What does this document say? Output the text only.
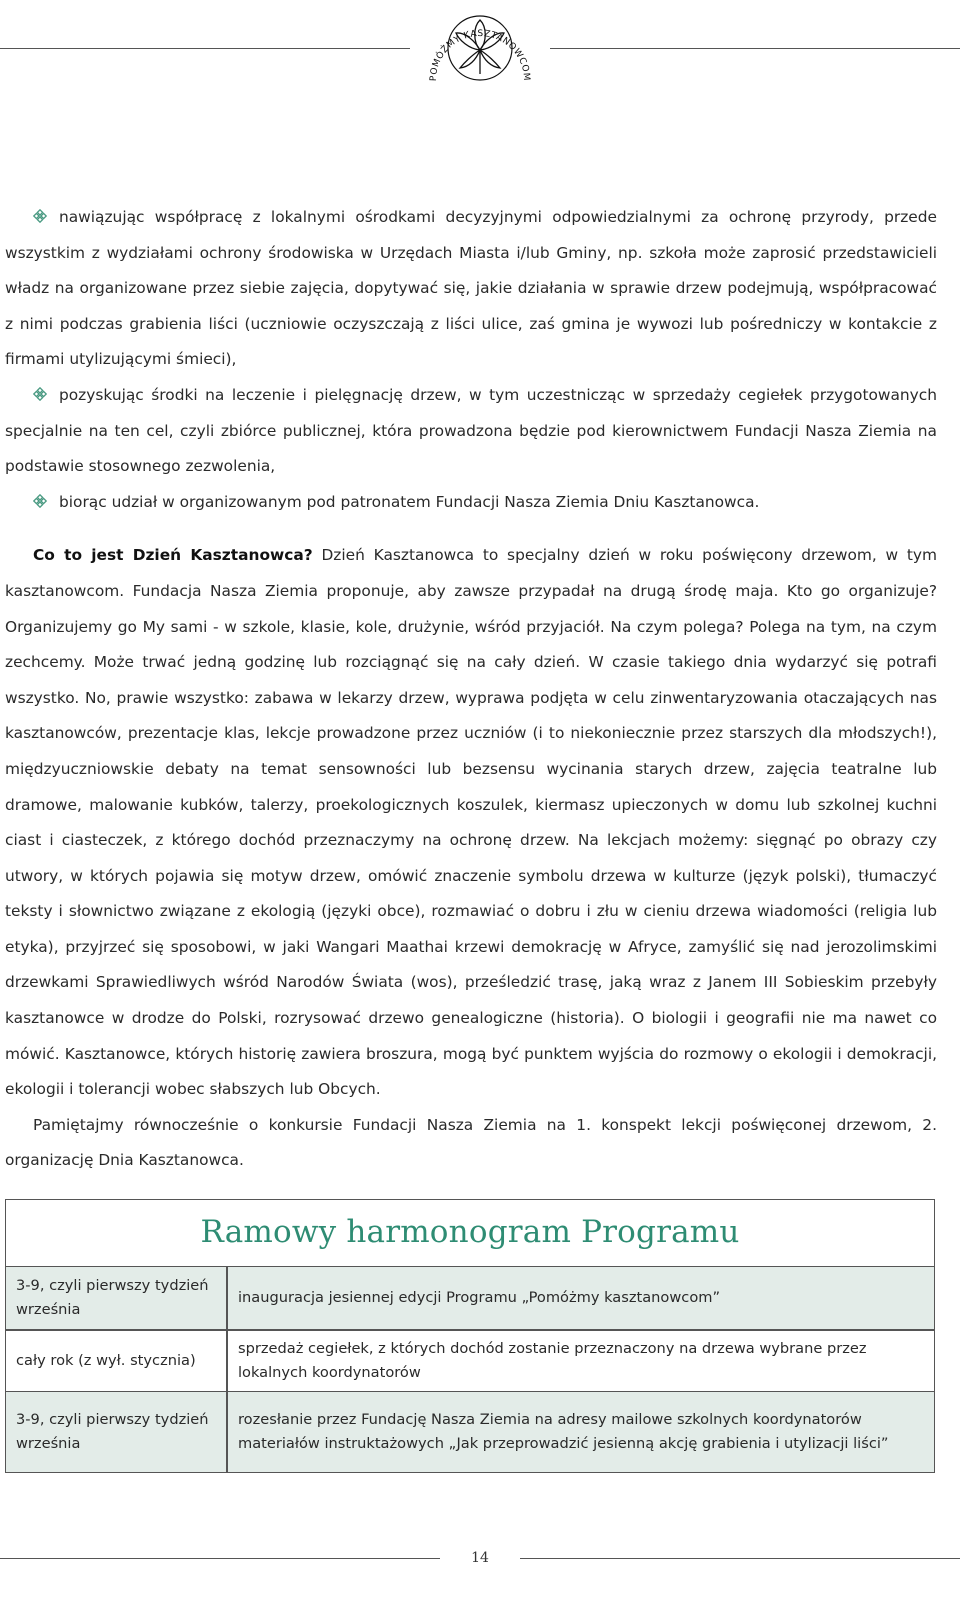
POMÓŻMY KASZTANOWCOM

nawiązując współpracę z lokalnymi ośrodkami decyzyjnymi odpowiedzialnymi za ochronę przyrody, przede wszystkim z wydziałami ochrony środowiska w Urzędach Miasta i/lub Gminy, np. szkoła może zaprosić przedstawicieli władz na organizowane przez siebie zajęcia, dopytywać się, jakie działania w sprawie drzew podejmują, współpracować z nimi podczas grabienia liści (uczniowie oczyszczają z liści ulice, zaś gmina je wywozi lub pośredniczy w kontakcie z firmami utylizującymi śmieci),

pozyskując środki na leczenie i pielęgnację drzew, w tym uczestnicząc w sprzedaży cegiełek przygotowanych specjalnie na ten cel, czyli zbiórce publicznej, która prowadzona będzie pod kierownictwem Fundacji Nasza Ziemia na podstawie stosownego zezwolenia,

biorąc udział w organizowanym pod patronatem Fundacji Nasza Ziemia Dniu Kasztanowca.

Co to jest Dzień Kasztanowca? Dzień Kasztanowca to specjalny dzień w roku poświęcony drzewom, w tym kasztanowcom. Fundacja Nasza Ziemia proponuje, aby zawsze przypadał na drugą środę maja. Kto go organizuje? Organizujemy go My sami - w szkole, klasie, kole, drużynie, wśród przyjaciół. Na czym polega? Polega na tym, na czym zechcemy. Może trwać jedną godzinę lub rozciągnąć się na cały dzień. W czasie takiego dnia wydarzyć się potrafi wszystko. No, prawie wszystko: zabawa w lekarzy drzew, wyprawa podjęta w celu zinwentaryzowania otaczających nas kasztanowców, prezentacje klas, lekcje prowadzone przez uczniów (i to niekoniecznie przez starszych dla młodszych!), międzyuczniowskie debaty na temat sensowności lub bezsensu wycinania starych drzew, zajęcia teatralne lub dramowe, malowanie kubków, talerzy, proekologicznych koszulek, kiermasz upieczonych w domu lub szkolnej kuchni ciast i ciasteczek, z którego dochód przeznaczymy na ochronę drzew. Na lekcjach możemy: sięgnąć po obrazy czy utwory, w których pojawia się motyw drzew, omówić znaczenie symbolu drzewa w kulturze (język polski), tłumaczyć teksty i słownictwo związane z ekologią (języki obce), rozmawiać o dobru i złu w cieniu drzewa wiadomości (religia lub etyka), przyjrzeć się sposobowi, w jaki Wangari Maathai krzewi demokrację w Afryce, zamyślić się nad jerozolimskimi drzewkami Sprawiedliwych wśród Narodów Świata (wos), prześledzić trasę, jaką wraz z Janem III Sobieskim przebyły kasztanowce w drodze do Polski, rozrysować drzewo genealogiczne (historia). O biologii i geografii nie ma nawet co mówić. Kasztanowce, których historię zawiera broszura, mogą być punktem wyjścia do rozmowy o ekologii i demokracji, ekologii i tolerancji wobec słabszych lub Obcych.

Pamiętajmy równocześnie o konkursie Fundacji Nasza Ziemia na 1. konspekt lekcji poświęconej drzewom, 2. organizację Dnia Kasztanowca.

Ramowy harmonogram Programu
3-9, czyli pierwszy tydzień września
inauguracja jesiennej edycji Programu „Pomóżmy kasztanowcom”
cały rok (z wył. stycznia)
sprzedaż cegiełek, z których dochód zostanie przeznaczony na drzewa wybrane przez lokalnych koordynatorów
3-9, czyli pierwszy tydzień września
rozesłanie przez Fundację Nasza Ziemia na adresy mailowe szkolnych koordynatorów materiałów instruktażowych „Jak przeprowadzić jesienną akcję grabienia i utylizacji liści”
14
